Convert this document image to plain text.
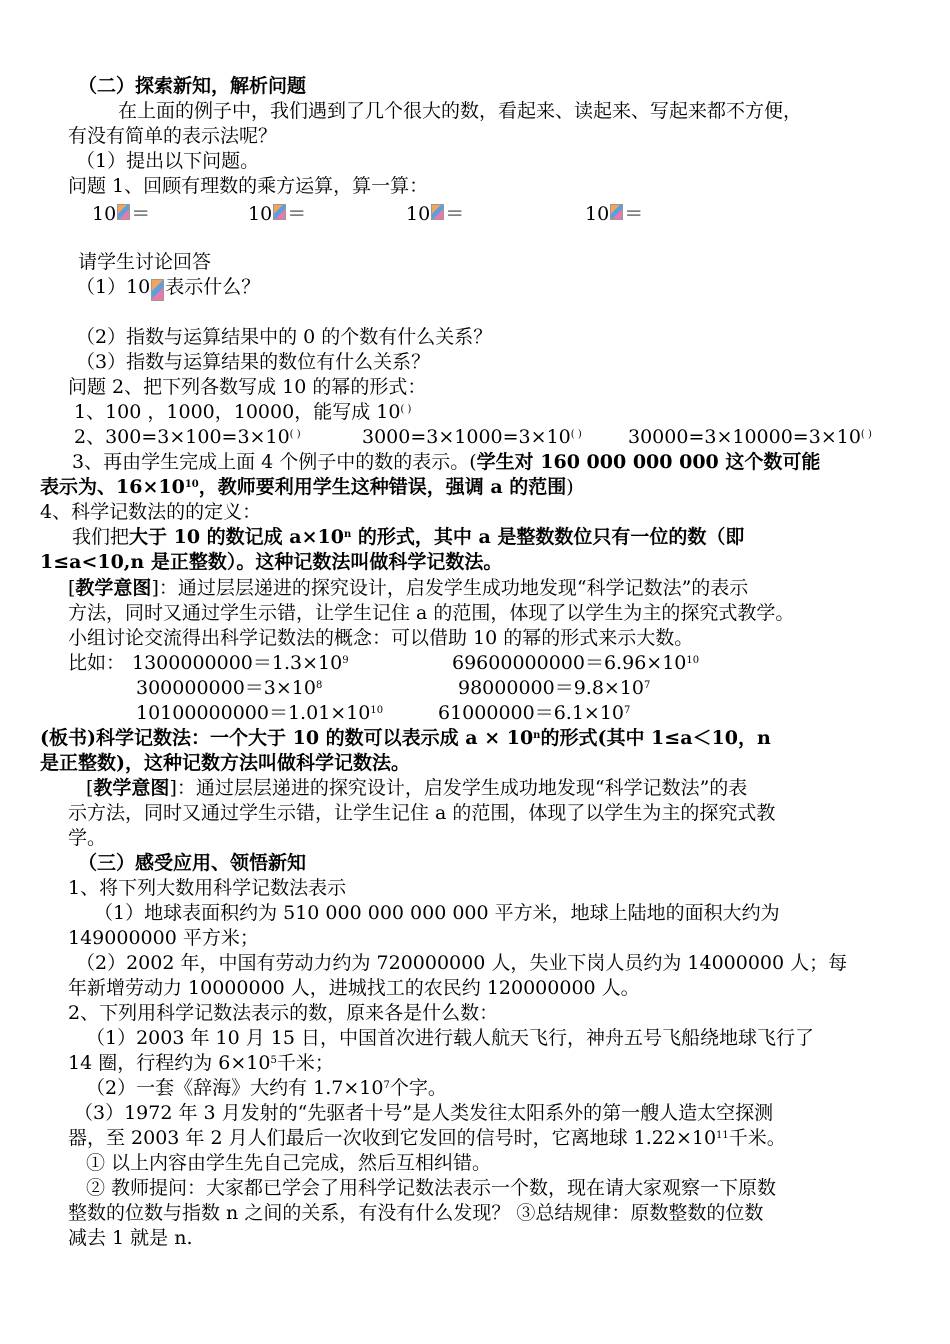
（二）探索新知，解析问题
在上面的例子中，我们遇到了几个很大的数，看起来、读起来、写起来都不方便，
有没有简单的表示法呢？
（1）提出以下问题。
问题 1、回顾有理数的乘方运算，算一算：
10 ＝	10 ＝	10 ＝	10 ＝
请学生讨论回答
（1）10 表示什么？
（2）指数与运算结果中的 0 的个数有什么关系？
（3）指数与运算结果的数位有什么关系？
问题 2、把下列各数写成 10 的幂的形式：
1、100 ，1000，10000，能写成 10( )
2、300=3×100=3×10( )	3000=3×1000=3×10( ) 30000=3×10000=3×10( )
3、再由学生完成上面 4 个例子中的数的表示。(学生对 160 000 000 000 这个数可能
表示为、$16\times 10^{10}$，教师要利用学生这种错误，强调 a 的范围)
4、科学记数法的的定义：
我们把大于 10 的数记成 $a\times 10^n$ 的形式，其中 a 是整数数位只有一位的数（即
1≤a<10,n 是正整数）。这种记数法叫做科学记数法。
[教学意图]：通过层层递进的探究设计，启发学生成功地发现“科学记数法”的表示
方法，同时又通过学生示错，让学生记住 a 的范围，体现了以学生为主的探究式教学。
小组讨论交流得出科学记数法的概念：可以借助 10 的幂的形式来示大数。
比如： $1300000000=1.3\times 10^9$	$69600000000=6.96\times 10^{10}$
$300000000=3\times 10^8$	$98000000=9.8\times 10^7$
$10100000000=1.01\times 10^{10}$	$61000000=6.1\times 10^7$
(板书)科学记数法：一个大于 10 的数可以表示成 $a \times 10^n$的形式(其中 1≤a＜10，n
是正整数)，这种记数方法叫做科学记数法。
[教学意图]：通过层层递进的探究设计，启发学生成功地发现“科学记数法”的表
示方法，同时又通过学生示错，让学生记住 a 的范围，体现了以学生为主的探究式教
学。
（三）感受应用、领悟新知
1、将下列大数用科学记数法表示
（1）地球表面积约为 510 000 000 000 000 平方米，地球上陆地的面积大约为
149000000 平方米；
（2）2002 年，中国有劳动力约为 720000000 人，失业下岗人员约为 14000000 人；每
年新增劳动力 10000000 人，进城找工的农民约 120000000 人。
2、下列用科学记数法表示的数，原来各是什么数：
（1）2003 年 10 月 15 日，中国首次进行载人航天飞行，神舟五号飞船绕地球飞行了
14 圈，行程约为 $6\times 10^5$千米；
（2）一套《辞海》大约有 $1.7\times 10^7$个字。
（3）1972 年 3 月发射的“先驱者十号”是人类发往太阳系外的第一艘人造太空探测
器，至 2003 年 2 月人们最后一次收到它发回的信号时，它离地球 $1.22\times 10^{11}$千米。
① 以上内容由学生先自己完成，然后互相纠错。
② 教师提问：大家都已学会了用科学记数法表示一个数，现在请大家观察一下原数
整数的位数与指数 n 之间的关系，有没有什么发现？ ③总结规律：原数整数的位数
减去 1 就是 n.
